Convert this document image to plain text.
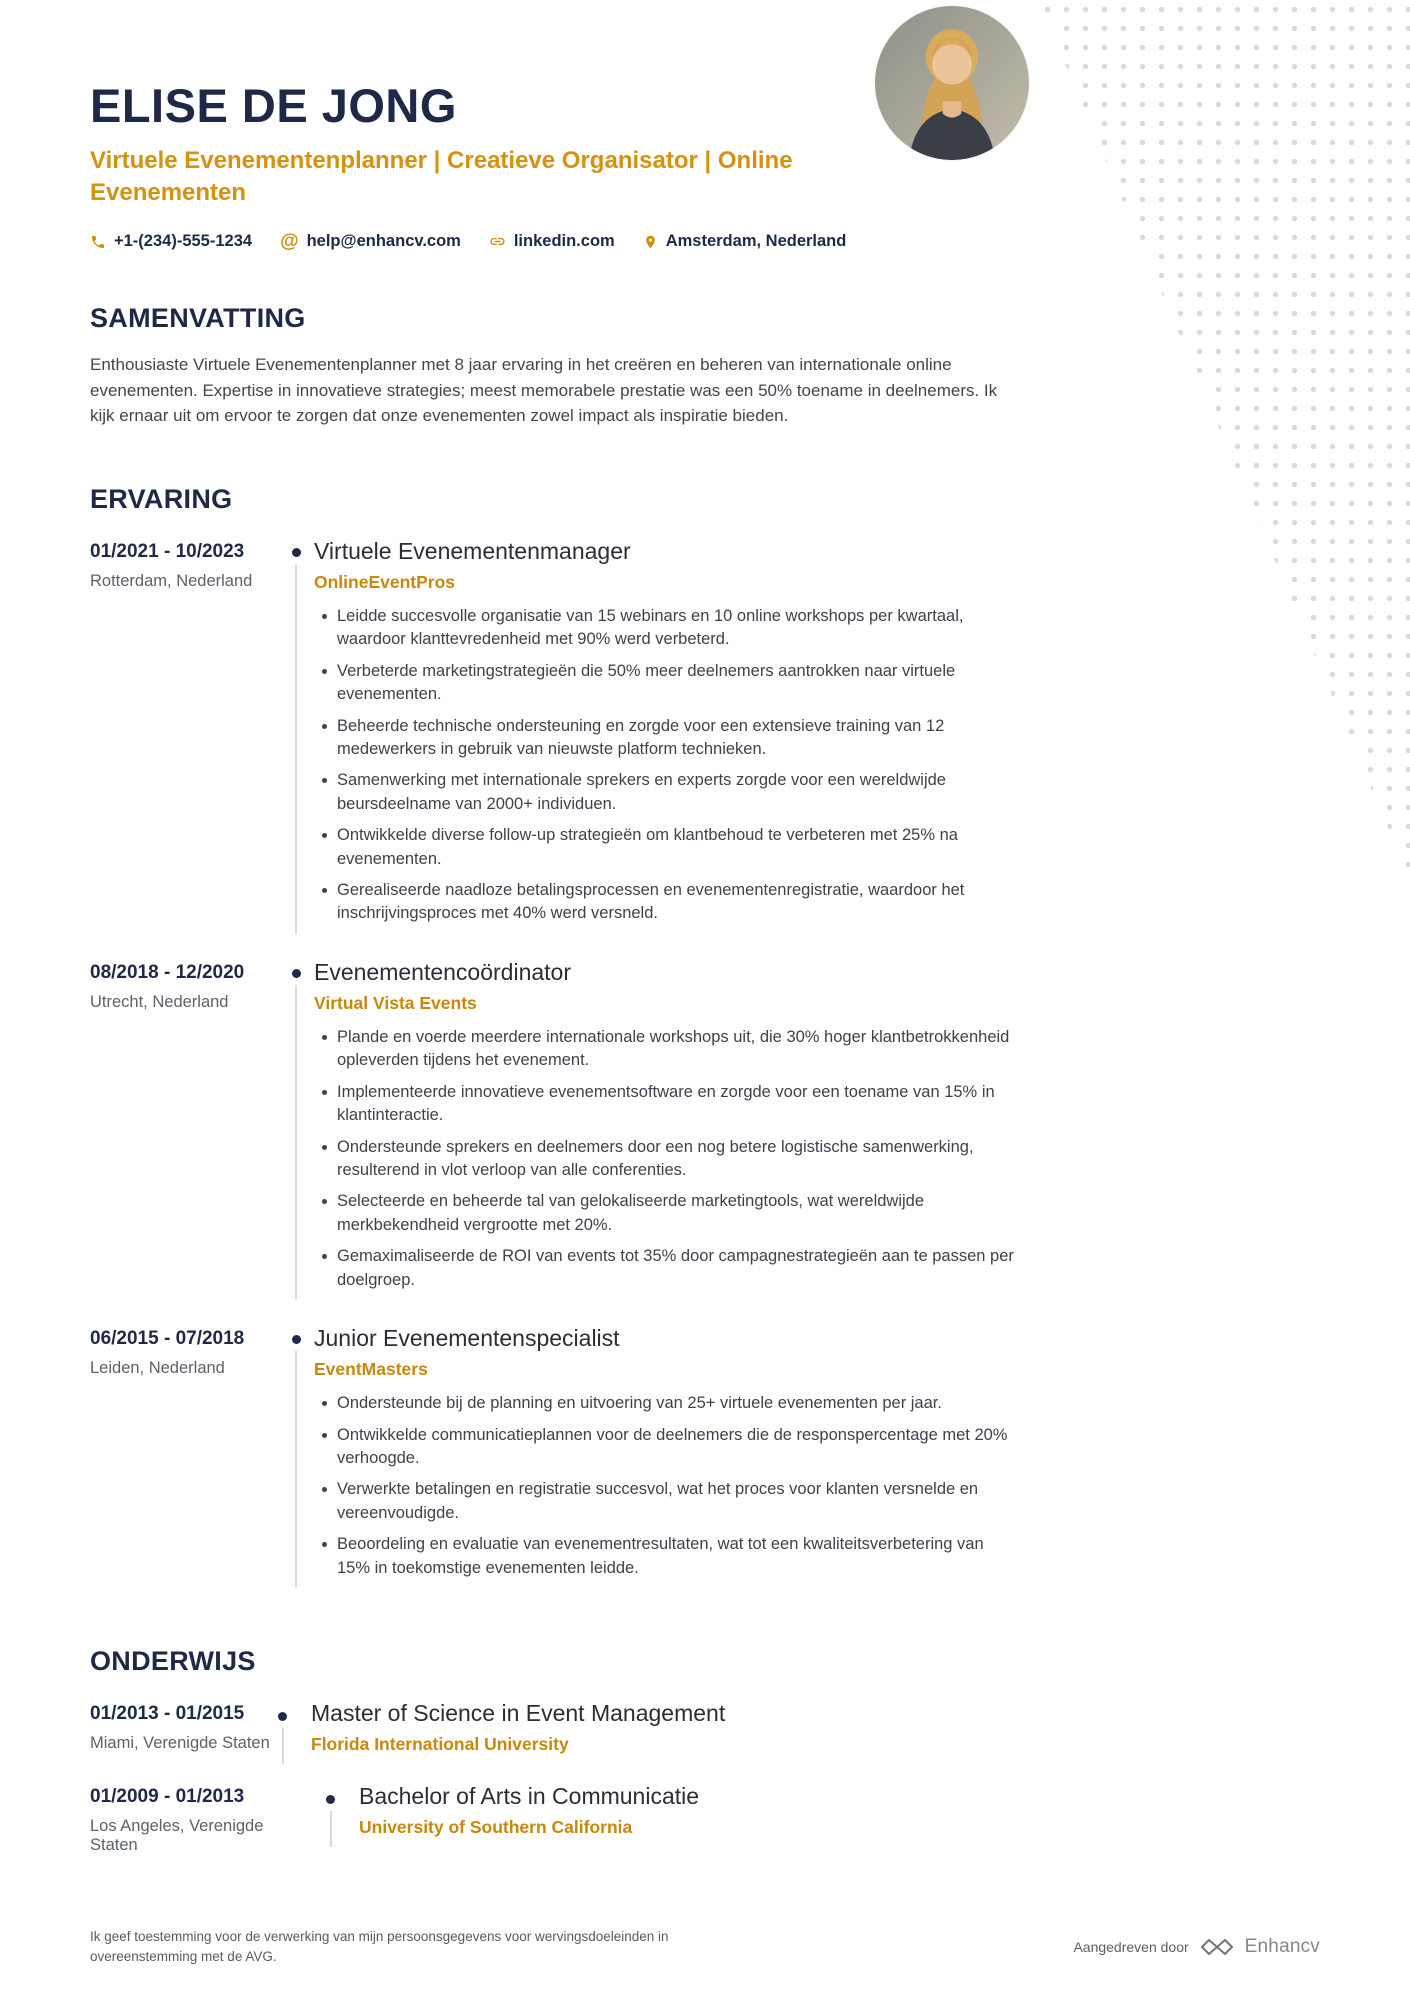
ELISE DE JONG
Virtuele Evenementenplanner | Creatieve Organisator | Online Evenementen
+1-(234)-555-1234 @ help@enhancv.com	linkedin.com	Amsterdam, Nederland
SAMENVATTING

Enthousiaste Virtuele Evenementenplanner met 8 jaar ervaring in het creëren en beheren van internationale online evenementen. Expertise in innovatieve strategies; meest memorabele prestatie was een 50% toename in deelnemers. Ik kijk ernaar uit om ervoor te zorgen dat onze evenementen zowel impact als inspiratie bieden.

ERVARING
01/2021 - 10/2023
Rotterdam, Nederland
Virtuele Evenementenmanager
OnlineEventPros
Leidde succesvolle organisatie van 15 webinars en 10 online workshops per kwartaal, waardoor klanttevredenheid met 90% werd verbeterd.
Verbeterde marketingstrategieën die 50% meer deelnemers aantrokken naar virtuele evenementen.
Beheerde technische ondersteuning en zorgde voor een extensieve training van 12 medewerkers in gebruik van nieuwste platform technieken.
Samenwerking met internationale sprekers en experts zorgde voor een wereldwijde beursdeelname van 2000+ individuen.
Ontwikkelde diverse follow-up strategieën om klantbehoud te verbeteren met 25% na evenementen.
Gerealiseerde naadloze betalingsprocessen en evenementenregistratie, waardoor het inschrijvingsproces met 40% werd versneld.
08/2018 - 12/2020
Utrecht, Nederland
Evenementencoördinator
Virtual Vista Events
Plande en voerde meerdere internationale workshops uit, die 30% hoger klantbetrokkenheid opleverden tijdens het evenement.
Implementeerde innovatieve evenementsoftware en zorgde voor een toename van 15% in klantinteractie.
Ondersteunde sprekers en deelnemers door een nog betere logistische samenwerking, resulterend in vlot verloop van alle conferenties.
Selecteerde en beheerde tal van gelokaliseerde marketingtools, wat wereldwijde merkbekendheid vergrootte met 20%.
Gemaximaliseerde de ROI van events tot 35% door campagnestrategieën aan te passen per doelgroep.
06/2015 - 07/2018
Leiden, Nederland
Junior Evenementenspecialist
EventMasters
Ondersteunde bij de planning en uitvoering van 25+ virtuele evenementen per jaar.
Ontwikkelde communicatieplannen voor de deelnemers die de responspercentage met 20% verhoogde.
Verwerkte betalingen en registratie succesvol, wat het proces voor klanten versnelde en vereenvoudigde.
Beoordeling en evaluatie van evenementresultaten, wat tot een kwaliteitsverbetering van 15% in toekomstige evenementen leidde.
ONDERWIJS
01/2013 - 01/2015
Miami, Verenigde Staten
Master of Science in Event Management
Florida International University
01/2009 - 01/2013
Los Angeles, Verenigde Staten
Bachelor of Arts in Communicatie
University of Southern California

Ik geef toestemming voor de verwerking van mijn persoonsgegevens voor wervingsdoeleinden in overeenstemming met de AVG.

Aangedreven door	Enhancv
